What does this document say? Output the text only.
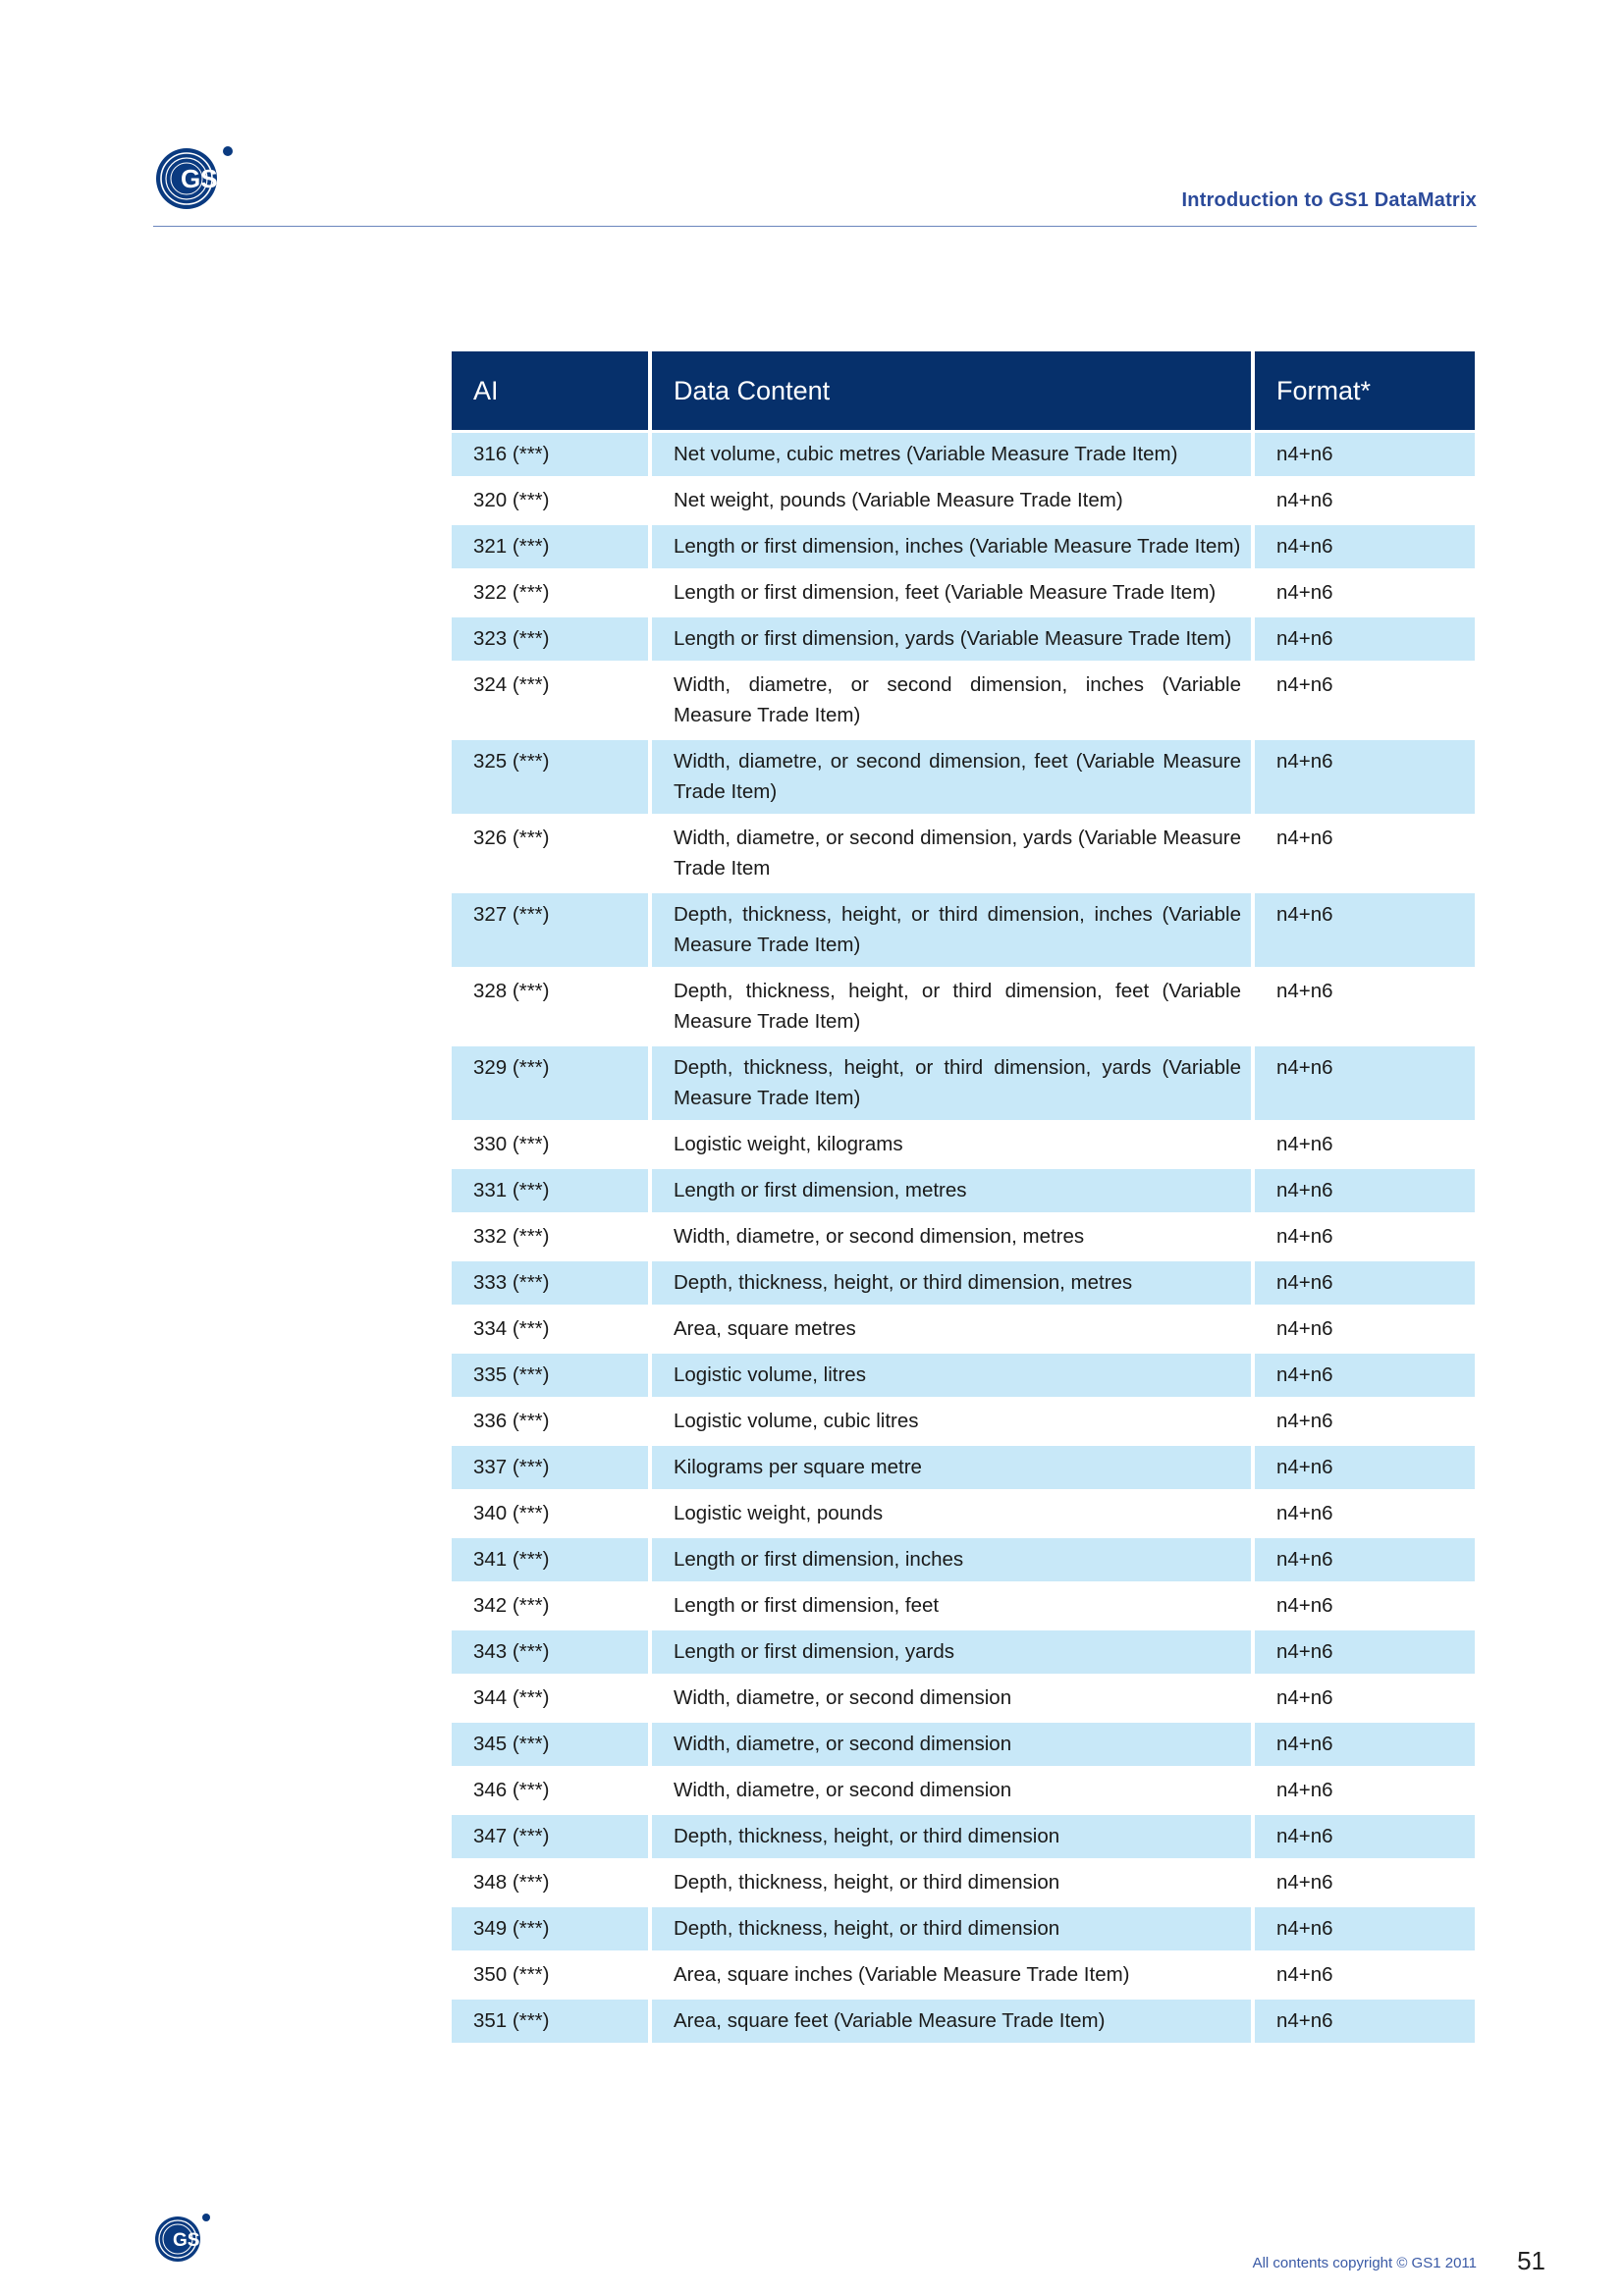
GS1
Introduction to GS1 DataMatrix
AI	Data Content	Format*
316 (***)	Net volume, cubic metres (Variable Measure Trade Item)	n4+n6
320 (***)	Net weight, pounds (Variable Measure Trade Item)	n4+n6
321 (***)	Length or first dimension, inches (Variable Measure Trade Item)	n4+n6
322 (***)	Length or first dimension, feet (Variable Measure Trade Item)	n4+n6
323 (***)	Length or first dimension, yards (Variable Measure Trade Item)	n4+n6
324 (***)	Width, diametre, or second dimension, inches (Variable Measure Trade Item)	n4+n6
325 (***)	Width, diametre, or second dimension, feet (Variable Measure Trade Item)	n4+n6
326 (***)	Width, diametre, or second dimension, yards (Variable Measure Trade Item	n4+n6
327 (***)	Depth, thickness, height, or third dimension, inches (Variable Measure Trade Item)	n4+n6
328 (***)	Depth, thickness, height, or third dimension, feet (Variable Measure Trade Item)	n4+n6
329 (***)	Depth, thickness, height, or third dimension, yards (Variable Measure Trade Item)	n4+n6
330 (***)	Logistic weight, kilograms	n4+n6
331 (***)	Length or first dimension, metres	n4+n6
332 (***)	Width, diametre, or second dimension, metres	n4+n6
333 (***)	Depth, thickness, height, or third dimension, metres	n4+n6
334 (***)	Area, square metres	n4+n6
335 (***)	Logistic volume, litres	n4+n6
336 (***)	Logistic volume, cubic litres	n4+n6
337 (***)	Kilograms per square metre	n4+n6
340 (***)	Logistic weight, pounds	n4+n6
341 (***)	Length or first dimension, inches	n4+n6
342 (***)	Length or first dimension, feet	n4+n6
343 (***)	Length or first dimension, yards	n4+n6
344 (***)	Width, diametre, or second dimension	n4+n6
345 (***)	Width, diametre, or second dimension	n4+n6
346 (***)	Width, diametre, or second dimension	n4+n6
347 (***)	Depth, thickness, height, or third dimension	n4+n6
348 (***)	Depth, thickness, height, or third dimension	n4+n6
349 (***)	Depth, thickness, height, or third dimension	n4+n6
350 (***)	Area, square inches (Variable Measure Trade Item)	n4+n6
351 (***)	Area, square feet (Variable Measure Trade Item)	n4+n6
GS1
All contents copyright © GS1 2011 51
